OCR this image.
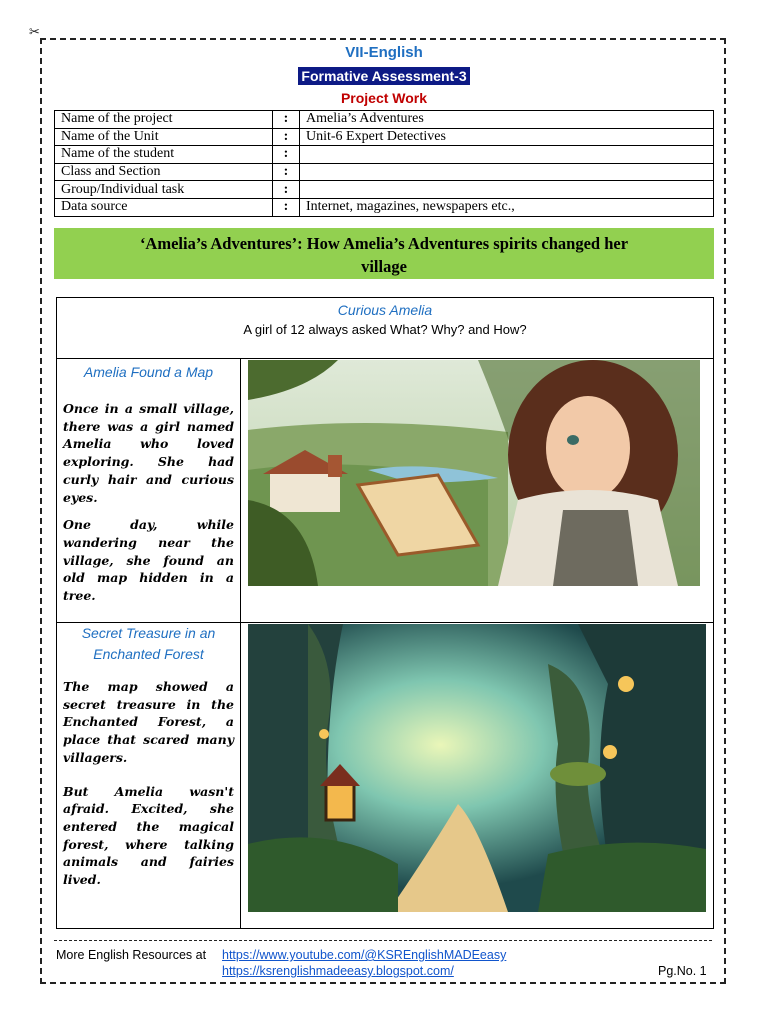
✂
VII-English
Formative Assessment-3
Project Work
Name of the project	:	Amelia’s Adventures
Name of the Unit	:	Unit-6 Expert Detectives
Name of the student	:	
Class and Section	:	
Group/Individual task	:	
Data source	:	Internet, magazines, newspapers etc.,
‘Amelia’s Adventures’: How Amelia’s Adventures spirits changed her
village
Curious Amelia
A girl of 12 always asked What? Why? and How?
Amelia Found a Map

Once in a small village, there was a girl named Amelia who loved exploring. She had curly hair and curious eyes.

One day, while wandering near the village, she found an old map hidden in a tree.

Secret Treasure in an
Enchanted Forest

The map showed a secret treasure in the Enchanted Forest, a place that scared many villagers.

But Amelia wasn't afraid. Excited, she entered the magical forest, where talking animals and fairies lived.

More English Resources at https://www.youtube.com/@KSREnglishMADEeasy
https://ksrenglishmadeeasy.blogspot.com/	Pg.No. 1
